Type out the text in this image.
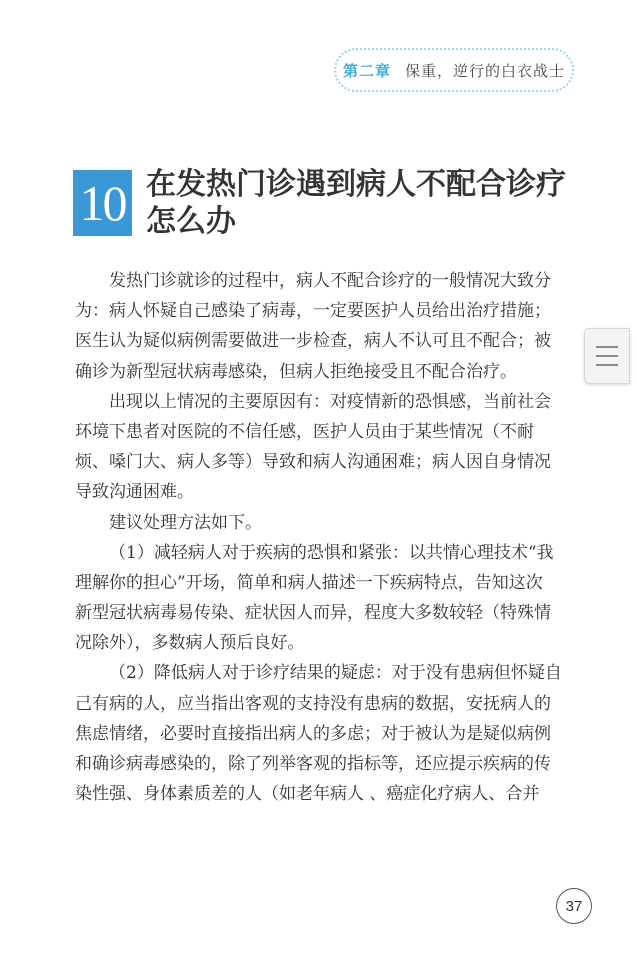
第二章 保重，逆行的白衣战士
10 在发热门诊遇到病人不配合诊疗
怎么办
发热门诊就诊的过程中，病人不配合诊疗的一般情况大致分
为：病人怀疑自己感染了病毒，一定要医护人员给出治疗措施；
医生认为疑似病例需要做进一步检查，病人不认可且不配合；被
确诊为新型冠状病毒感染，但病人拒绝接受且不配合治疗。
出现以上情况的主要原因有：对疫情新的恐惧感，当前社会
环境下患者对医院的不信任感，医护人员由于某些情况（不耐
烦、嗓门大、病人多等）导致和病人沟通困难；病人因自身情况
导致沟通困难。
建议处理方法如下。
（1）减轻病人对于疾病的恐惧和紧张：以共情心理技术“我
理解你的担心”开场，简单和病人描述一下疾病特点，告知这次
新型冠状病毒易传染、症状因人而异，程度大多数较轻（特殊情
况除外），多数病人预后良好。
（2）降低病人对于诊疗结果的疑虑：对于没有患病但怀疑自
己有病的人，应当指出客观的支持没有患病的数据，安抚病人的
焦虑情绪，必要时直接指出病人的多虑；对于被认为是疑似病例
和确诊病毒感染的，除了列举客观的指标等，还应提示疾病的传
染性强、身体素质差的人（如老年病人 、癌症化疗病人、合并
37
